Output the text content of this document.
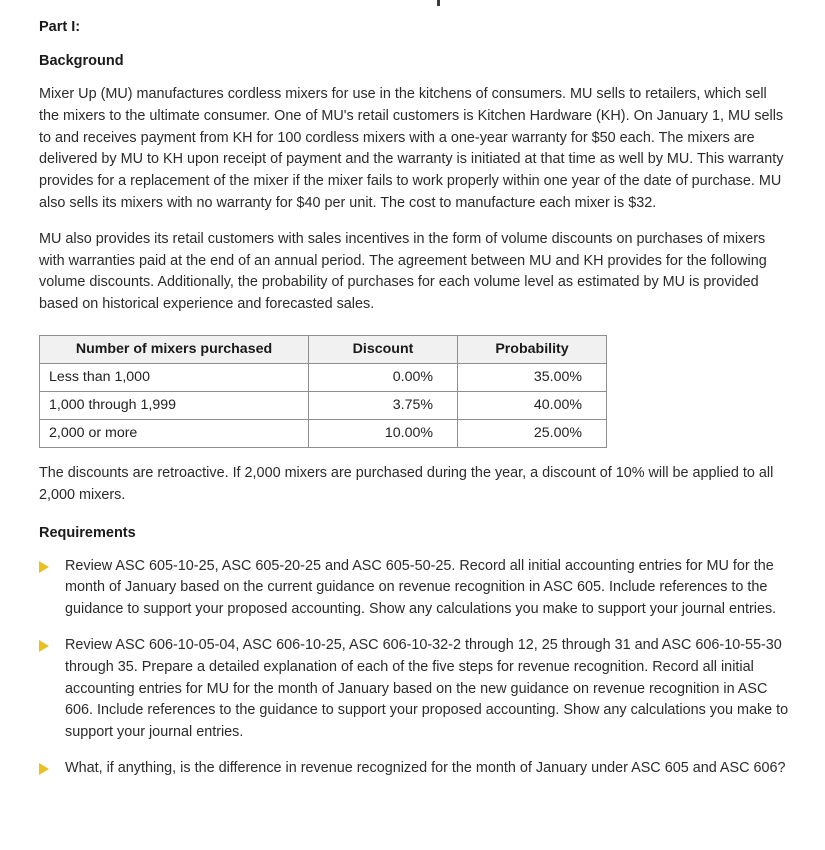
Part I:
Background

Mixer Up (MU) manufactures cordless mixers for use in the kitchens of consumers. MU sells to retailers, which sell the mixers to the ultimate consumer. One of MU's retail customers is Kitchen Hardware (KH). On January 1, MU sells to and receives payment from KH for 100 cordless mixers with a one-year warranty for $50 each. The mixers are delivered by MU to KH upon receipt of payment and the warranty is initiated at that time as well by MU. This warranty provides for a replacement of the mixer if the mixer fails to work properly within one year of the date of purchase. MU also sells its mixers with no warranty for $40 per unit. The cost to manufacture each mixer is $32.

MU also provides its retail customers with sales incentives in the form of volume discounts on purchases of mixers with warranties paid at the end of an annual period. The agreement between MU and KH provides for the following volume discounts. Additionally, the probability of purchases for each volume level as estimated by MU is provided based on historical experience and forecasted sales.

Number of mixers purchased	Discount	Probability
Less than 1,000	0.00%	35.00%
1,000 through 1,999	3.75%	40.00%
2,000 or more	10.00%	25.00%

The discounts are retroactive. If 2,000 mixers are purchased during the year, a discount of 10% will be applied to all 2,000 mixers.

Requirements
Review ASC 605-10-25, ASC 605-20-25 and ASC 605-50-25. Record all initial accounting entries for MU for the month of January based on the current guidance on revenue recognition in ASC 605. Include references to the guidance to support your proposed accounting. Show any calculations you make to support your journal entries.
Review ASC 606-10-05-04, ASC 606-10-25, ASC 606-10-32-2 through 12, 25 through 31 and ASC 606-10-55-30 through 35. Prepare a detailed explanation of each of the five steps for revenue recognition. Record all initial accounting entries for MU for the month of January based on the new guidance on revenue recognition in ASC 606. Include references to the guidance to support your proposed accounting. Show any calculations you make to support your journal entries.
What, if anything, is the difference in revenue recognized for the month of January under ASC 605 and ASC 606?
